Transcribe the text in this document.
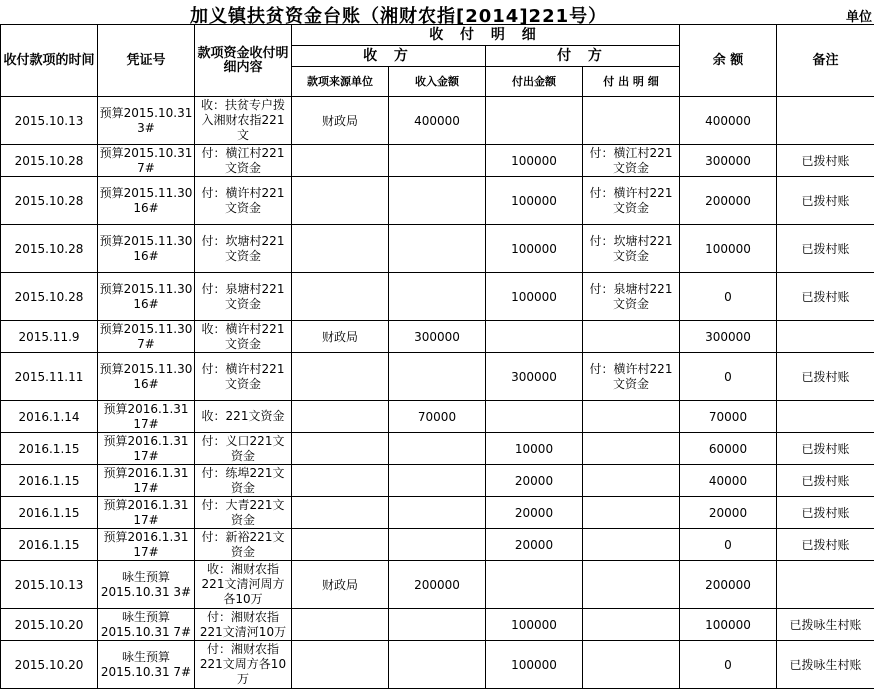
加义镇扶贫资金台账（湘财农指[2014]221号）	单位
收付款项的时间	凭证号	款项资金收付明细内容	收 付 明 细				余 额	备注
			收 方		付 方			
			款项来源单位	收入金额	付出金额	付 出 明 细		
2015.10.13	预算2015.10.31 3#	收：扶贫专户拨入湘财农指221文	财政局	400000			400000	
2015.10.28	预算2015.10.31 7#	付：横江村221文资金			100000	付：横江村221文资金	300000	已拨村账
2015.10.28	预算2015.11.30 16#	付：横许村221文资金			100000	付：横许村221文资金	200000	已拨村账
2015.10.28	预算2015.11.30 16#	付：坎塘村221文资金			100000	付：坎塘村221文资金	100000	已拨村账
2015.10.28	预算2015.11.30 16#	付：泉塘村221文资金			100000	付：泉塘村221文资金	0	已拨村账
2015.11.9	预算2015.11.30 7#	收：横许村221文资金	财政局	300000			300000	
2015.11.11	预算2015.11.30 16#	付：横许村221文资金			300000	付：横许村221文资金	0	已拨村账
2016.1.14	预算2016.1.31 17#	收：221文资金		70000			70000	
2016.1.15	预算2016.1.31 17#	付：义口221文资金			10000		60000	已拨村账
2016.1.15	预算2016.1.31 17#	付：练埠221文资金			20000		40000	已拨村账
2016.1.15	预算2016.1.31 17#	付：大青221文资金			20000		20000	已拨村账
2016.1.15	预算2016.1.31 17#	付：新裕221文资金			20000		0	已拨村账
2015.10.13	咏生预算2015.10.31 3#	收：湘财农指221文清河周方各10万	财政局	200000			200000	
2015.10.20	咏生预算2015.10.31 7#	付：湘财农指221文清河10万			100000		100000	已拨咏生村账
2015.10.20	咏生预算2015.10.31 7#	付：湘财农指221文周方各10万			100000		0	已拨咏生村账
